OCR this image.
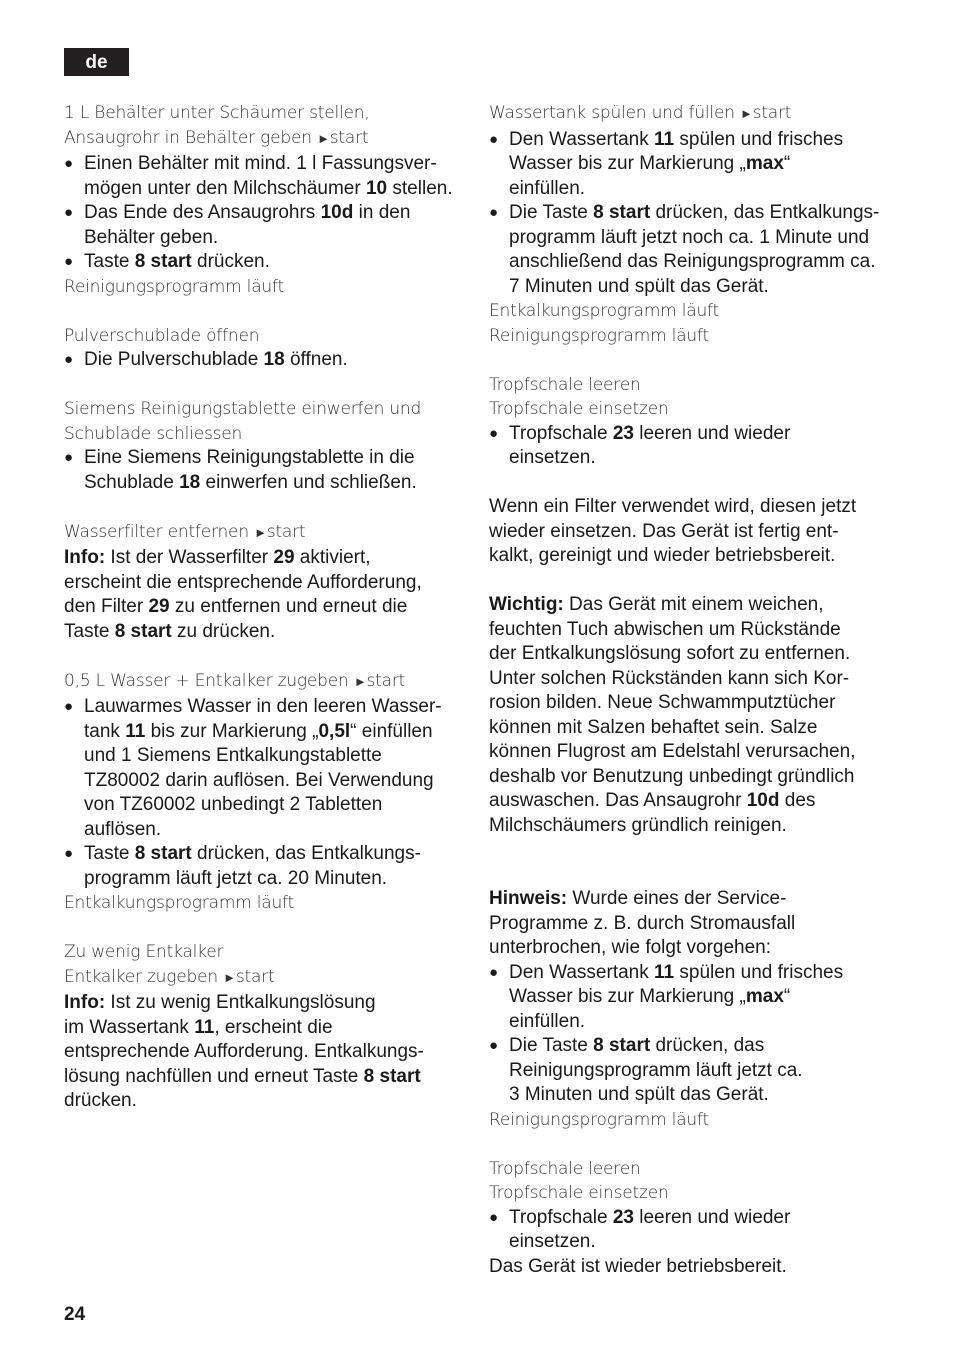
de
1 L Behälter unter Schäumer stellen,
Ansaugrohr in Behälter geben ►start
● Einen Behälter mit mind. 1 l Fassungsver-
mögen unter den Milchschäumer 10 stellen.
● Das Ende des Ansaugrohrs 10d in den
Behälter geben.
● Taste 8 start drücken.
Reinigungsprogramm läuft
Pulverschublade öffnen
● Die Pulverschublade 18 öffnen.
Siemens Reinigungstablette einwerfen und
Schublade schliessen
● Eine Siemens Reinigungstablette in die
Schublade 18 einwerfen und schließen.
Wasserfilter entfernen ►start
Info: Ist der Wasserfilter 29 aktiviert,
erscheint die entsprechende Aufforderung,
den Filter 29 zu entfernen und erneut die
Taste 8 start zu drücken.
0,5 L Wasser + Entkalker zugeben ►start
● Lauwarmes Wasser in den leeren Wasser-
tank 11 bis zur Markierung „0,5l“ einfüllen
und 1 Siemens Entkalkungstablette
TZ80002 darin auflösen. Bei Verwendung
von TZ60002 unbedingt 2 Tabletten
auflösen.
● Taste 8 start drücken, das Entkalkungs-
programm läuft jetzt ca. 20 Minuten.
Entkalkungsprogramm läuft
Zu wenig Entkalker
Entkalker zugeben ►start
Info: Ist zu wenig Entkalkungslösung
im Wassertank 11, erscheint die
entsprechende Aufforderung. Entkalkungs-
lösung nachfüllen und erneut Taste 8 start
drücken.
Wassertank spülen und füllen ►start
● Den Wassertank 11 spülen und frisches
Wasser bis zur Markierung „max“
einfüllen.
● Die Taste 8 start drücken, das Entkalkungs-
programm läuft jetzt noch ca. 1 Minute und
anschließend das Reinigungsprogramm ca.
7 Minuten und spült das Gerät.
Entkalkungsprogramm läuft
Reinigungsprogramm läuft
Tropfschale leeren
Tropfschale einsetzen
● Tropfschale 23 leeren und wieder
einsetzen.
Wenn ein Filter verwendet wird, diesen jetzt
wieder einsetzen. Das Gerät ist fertig ent-
kalkt, gereinigt und wieder betriebsbereit.
Wichtig: Das Gerät mit einem weichen,
feuchten Tuch abwischen um Rückstände
der Entkalkungslösung sofort zu entfernen.
Unter solchen Rückständen kann sich Kor-
rosion bilden. Neue Schwammputztücher
können mit Salzen behaftet sein. Salze
können Flugrost am Edelstahl verursachen,
deshalb vor Benutzung unbedingt gründlich
auswaschen. Das Ansaugrohr 10d des
Milchschäumers gründlich reinigen.
Hinweis: Wurde eines der Service-
Programme z. B. durch Stromausfall
unterbrochen, wie folgt vorgehen:
● Den Wassertank 11 spülen und frisches
Wasser bis zur Markierung „max“
einfüllen.
● Die Taste 8 start drücken, das
Reinigungsprogramm läuft jetzt ca.
3 Minuten und spült das Gerät.
Reinigungsprogramm läuft
Tropfschale leeren
Tropfschale einsetzen
● Tropfschale 23 leeren und wieder
einsetzen.
Das Gerät ist wieder betriebsbereit.
24
